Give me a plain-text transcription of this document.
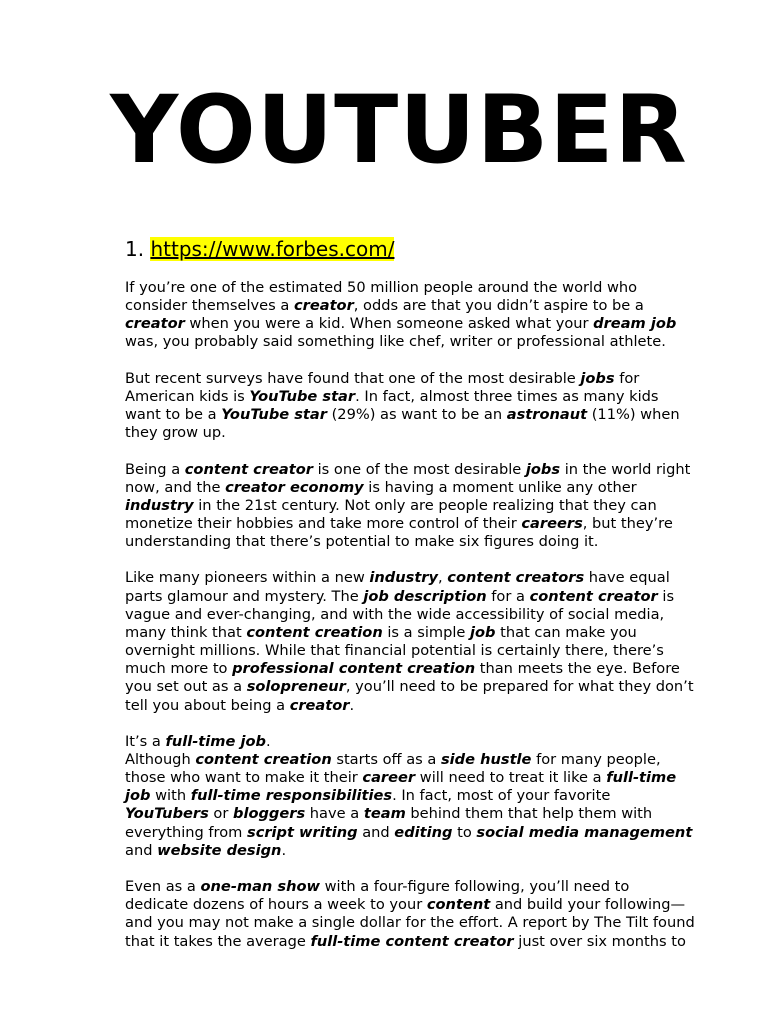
YOUTUBER

1. https://www.forbes.com/

If you’re one of the estimated 50 million people around the world who
consider themselves a creator, odds are that you didn’t aspire to be a
creator when you were a kid. When someone asked what your dream job
was, you probably said something like chef, writer or professional athlete.

But recent surveys have found that one of the most desirable jobs for
American kids is YouTube star. In fact, almost three times as many kids
want to be a YouTube star (29%) as want to be an astronaut (11%) when
they grow up.

Being a content creator is one of the most desirable jobs in the world right
now, and the creator economy is having a moment unlike any other
industry in the 21st century. Not only are people realizing that they can
monetize their hobbies and take more control of their careers, but they’re
understanding that there’s potential to make six figures doing it.

Like many pioneers within a new industry, content creators have equal
parts glamour and mystery. The job description for a content creator is
vague and ever-changing, and with the wide accessibility of social media,
many think that content creation is a simple job that can make you
overnight millions. While that financial potential is certainly there, there’s
much more to professional content creation than meets the eye. Before
you set out as a solopreneur, you’ll need to be prepared for what they don’t
tell you about being a creator.

It’s a full-time job.
Although content creation starts off as a side hustle for many people,
those who want to make it their career will need to treat it like a full-time
job with full-time responsibilities. In fact, most of your favorite
YouTubers or bloggers have a team behind them that help them with
everything from script writing and editing to social media management
and website design.

Even as a one-man show with a four-figure following, you’ll need to
dedicate dozens of hours a week to your content and build your following—
and you may not make a single dollar for the effort. A report by The Tilt found
that it takes the average full-time content creator just over six months to
